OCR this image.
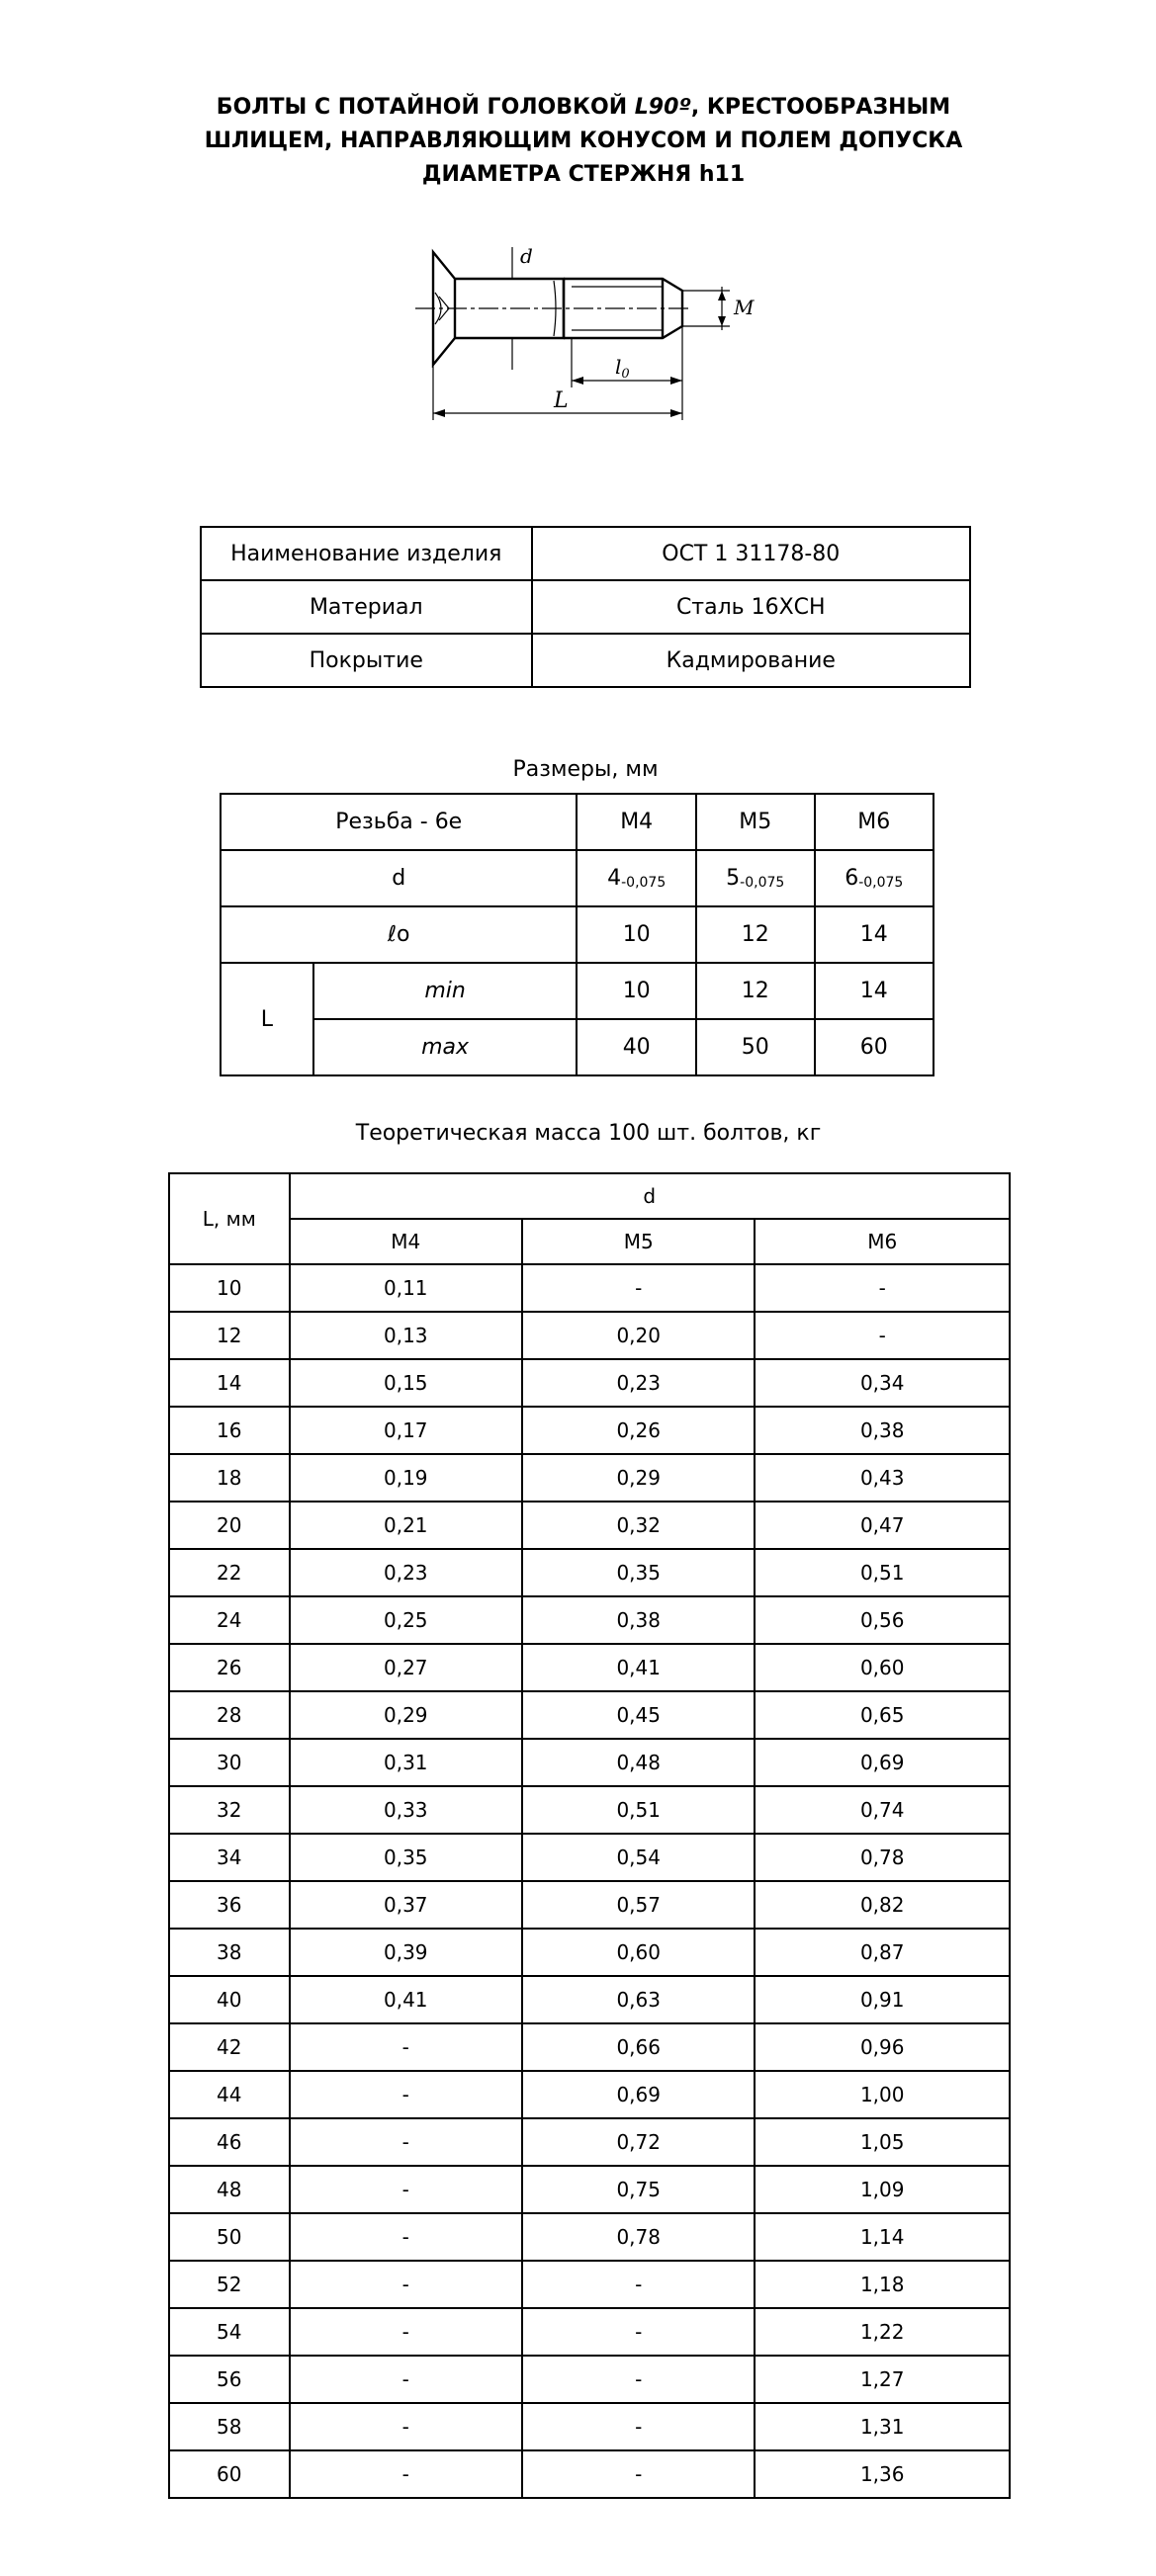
БОЛТЫ С ПОТАЙНОЙ ГОЛОВКОЙ L90º, КРЕСТООБРАЗНЫМ
ШЛИЦЕМ, НАПРАВЛЯЮЩИМ КОНУСОМ И ПОЛЕМ ДОПУСКА
ДИАМЕТРА СТЕРЖНЯ h11
d
$l_0$
L
M
Наименование изделия	ОСТ 1 31178-80
Материал	Сталь 16ХСН
Покрытие	Кадмирование
Размеры, мм
Резьба - 6е		М4	М5	М6
d		$4_{-0,075}$	$5_{-0,075}$	$6_{-0,075}$
ℓo		10	12	14
L	min	10	12	14
	max	40	50	60
Теоретическая масса 100 шт. болтов, кг
L, мм	d		
	М4	М5	М6
10	0,11	-	-
12	0,13	0,20	-
14	0,15	0,23	0,34
16	0,17	0,26	0,38
18	0,19	0,29	0,43
20	0,21	0,32	0,47
22	0,23	0,35	0,51
24	0,25	0,38	0,56
26	0,27	0,41	0,60
28	0,29	0,45	0,65
30	0,31	0,48	0,69
32	0,33	0,51	0,74
34	0,35	0,54	0,78
36	0,37	0,57	0,82
38	0,39	0,60	0,87
40	0,41	0,63	0,91
42	-	0,66	0,96
44	-	0,69	1,00
46	-	0,72	1,05
48	-	0,75	1,09
50	-	0,78	1,14
52	-	-	1,18
54	-	-	1,22
56	-	-	1,27
58	-	-	1,31
60	-	-	1,36
